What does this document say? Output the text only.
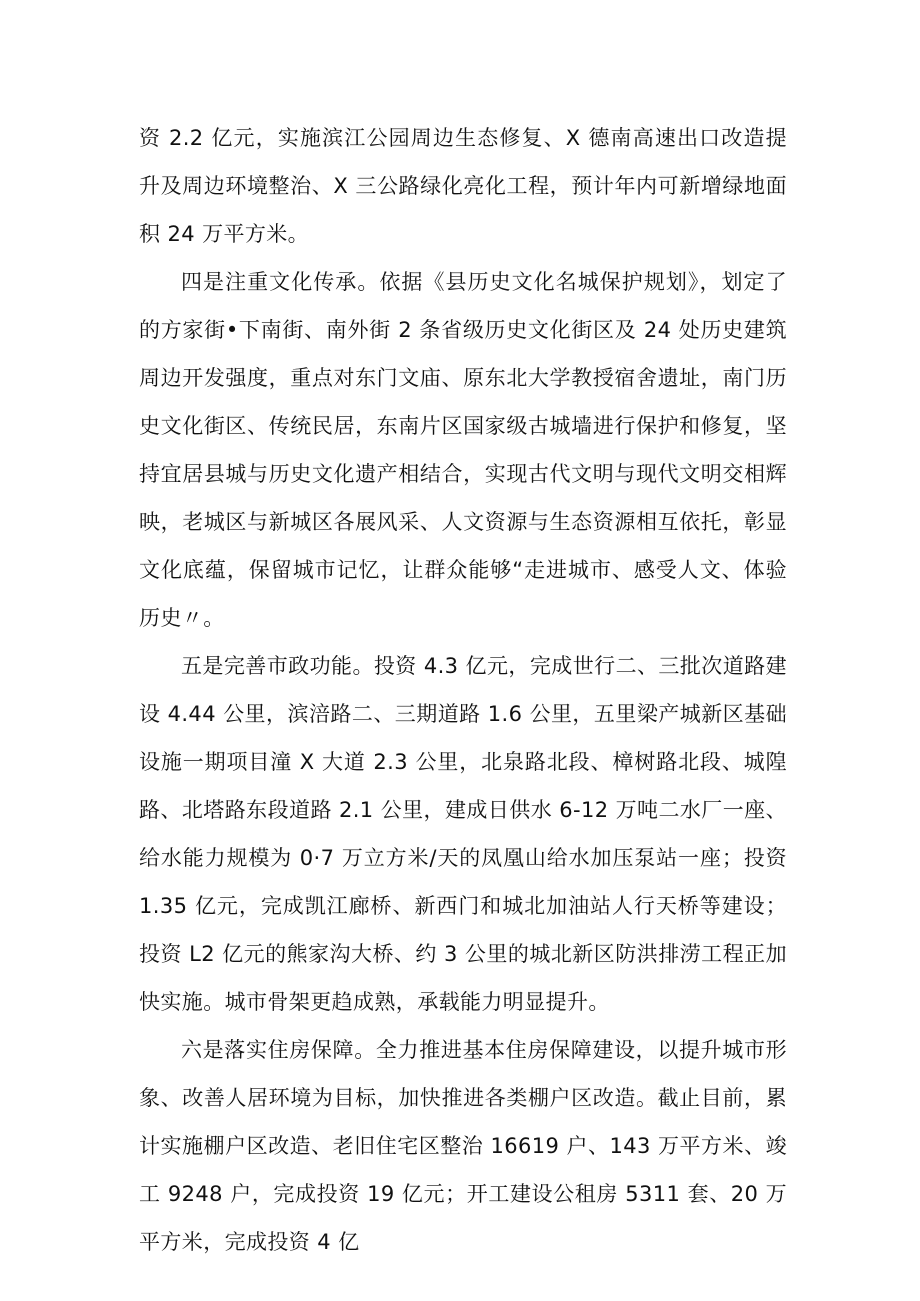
资 2.2 亿元，实施滨江公园周边生态修复、X 德南高速出口改造提升及周边环境整治、X 三公路绿化亮化工程，预计年内可新增绿地面积 24 万平方米。

四是注重文化传承。依据《县历史文化名城保护规划》，划定了的方家街•下南街、南外街 2 条省级历史文化街区及 24 处历史建筑周边开发强度，重点对东门文庙、原东北大学教授宿舍遗址，南门历史文化街区、传统民居，东南片区国家级古城墙进行保护和修复，坚持宜居县城与历史文化遗产相结合，实现古代文明与现代文明交相辉映，老城区与新城区各展风采、人文资源与生态资源相互依托，彰显文化底蕴，保留城市记忆，让群众能够“走进城市、感受人文、体验历史〃。

五是完善市政功能。投资 4.3 亿元，完成世行二、三批次道路建设 4.44 公里，滨涪路二、三期道路 1.6 公里，五里梁产城新区基础设施一期项目潼 X 大道 2.3 公里，北泉路北段、樟树路北段、城隍路、北塔路东段道路 2.1 公里，建成日供水 6-12 万吨二水厂一座、给水能力规模为 0·7 万立方米/天的凤凰山给水加压泵站一座；投资 1.35 亿元，完成凯江廊桥、新西门和城北加油站人行天桥等建设；投资 L2 亿元的熊家沟大桥、约 3 公里的城北新区防洪排涝工程正加快实施。城市骨架更趋成熟，承载能力明显提升。

六是落实住房保障。全力推进基本住房保障建设，以提升城市形象、改善人居环境为目标，加快推进各类棚户区改造。截止目前，累计实施棚户区改造、老旧住宅区整治 16619 户、143 万平方米、竣工 9248 户，完成投资 19 亿元；开工建设公租房 5311 套、20 万平方米，完成投资 4 亿
